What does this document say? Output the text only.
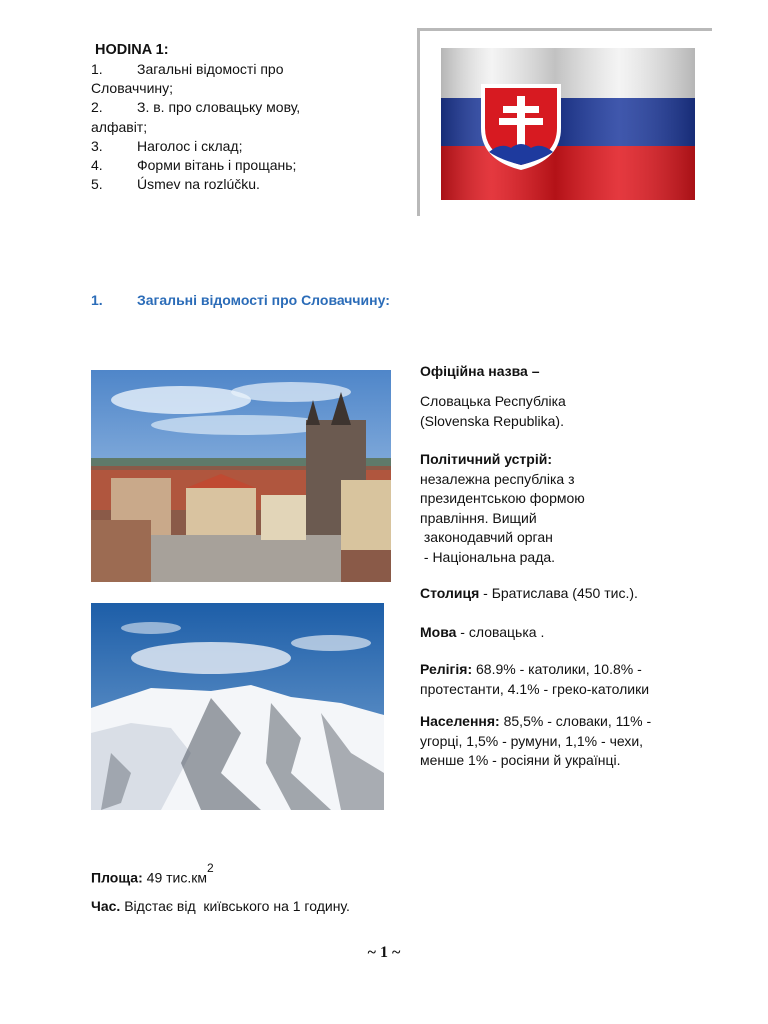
HODINA 1:
1.	Загальні відомості про
Словаччину;
2.	З. в. про словацьку мову,
алфавіт;
3.	Наголос і склад;
4.	Форми вітань і прощань;
5.	Úsmev na rozlúčku.
1. Загальні відомості про Словаччину:
Офіційна назва –
Словацька Республіка
(Slovenska Republika).
Політичний устрій:
незалежна республіка з
президентською формою
правління. Вищий
законодавчий орган
- Національна рада.
Столиця - Братислава (450 тис.).
Мова - словацька .
Релігія: 68.9% - католики, 10.8% -
протестанти, 4.1% - греко-католики
Населення: 85,5% - словаки, 11% -
угорці, 1,5% - румуни, 1,1% - чехи,
менше 1% - росіяни й українці.
Площа: 49 $тис.км^2$
Час. Відстає від  київського на 1 годину.
~ 1 ~
